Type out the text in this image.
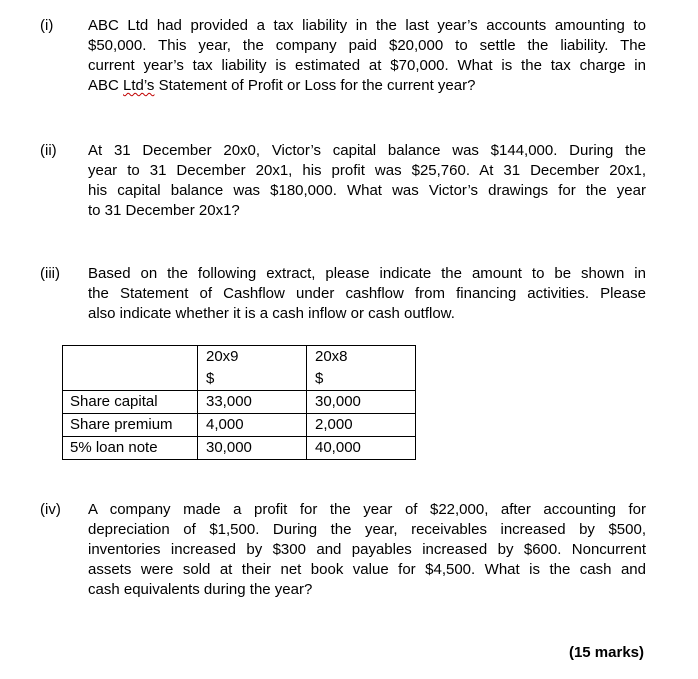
(i) ABC Ltd had provided a tax liability in the last year’s accounts amounting to
$50,000. This year, the company paid $20,000 to settle the liability. The
current year’s tax liability is estimated at $70,000. What is the tax charge in
ABC Ltd’s Statement of Profit or Loss for the current year?
(ii) At 31 December 20x0, Victor’s capital balance was $144,000. During the
year to 31 December 20x1, his profit was $25,760. At 31 December 20x1,
his capital balance was $180,000. What was Victor’s drawings for the year
to 31 December 20x1?
(iii) Based on the following extract, please indicate the amount to be shown in
the Statement of Cashflow under cashflow from financing activities. Please
also indicate whether it is a cash inflow or cash outflow.
	20x9	20x8
	$	$
Share capital	33,000	30,000
Share premium	4,000	2,000
5% loan note	30,000	40,000
(iv) A company made a profit for the year of $22,000, after accounting for
depreciation of $1,500. During the year, receivables increased by $500,
inventories increased by $300 and payables increased by $600. Noncurrent
assets were sold at their net book value for $4,500. What is the cash and
cash equivalents during the year?
(15 marks)
